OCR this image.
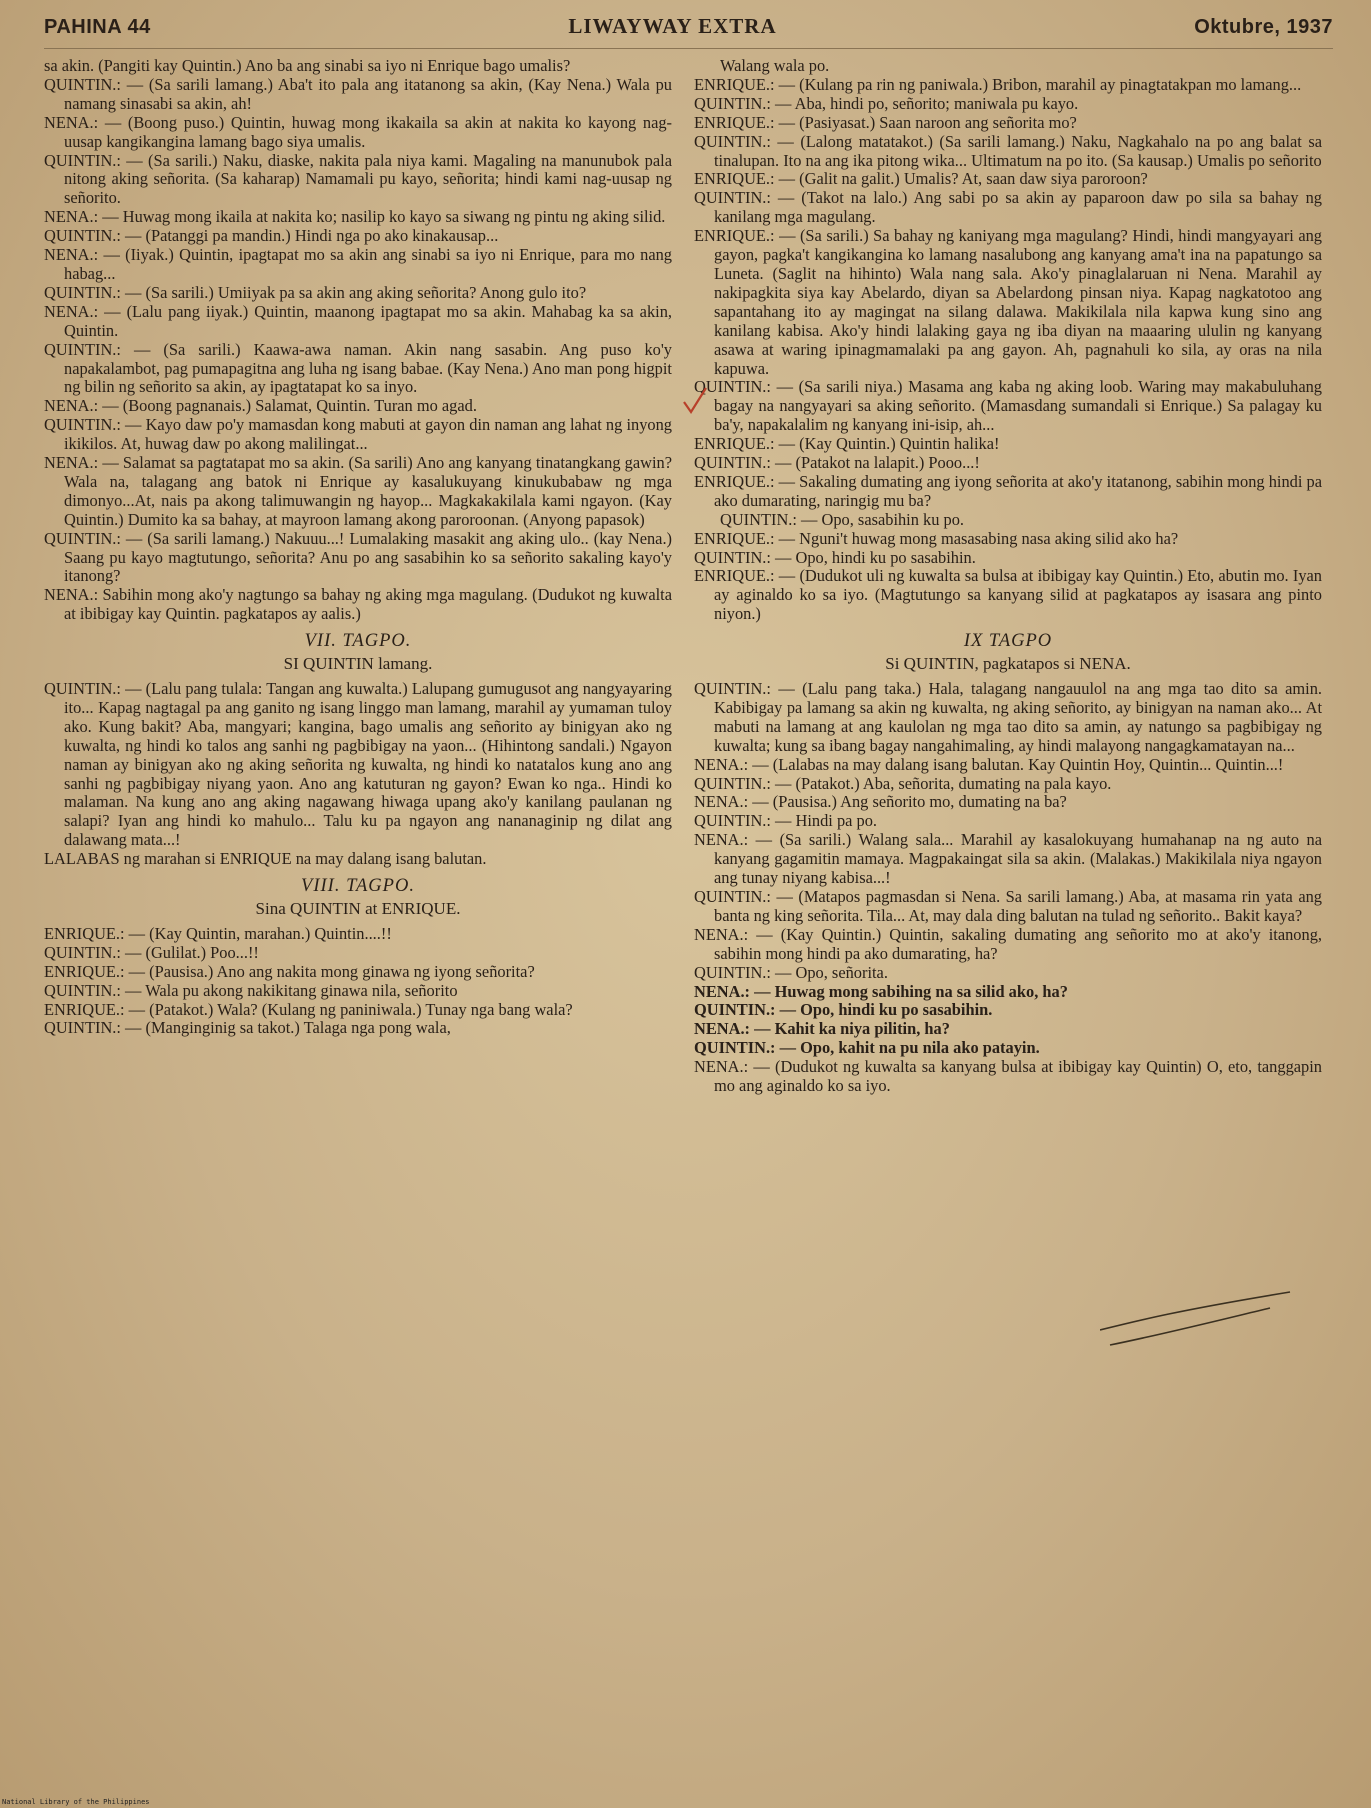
PAHINA 44	LIWAYWAY EXTRA	Oktubre, 1937

sa akin. (Pangiti kay Quintin.) Ano ba ang sinabi sa iyo ni Enrique bago umalis?

QUINTIN.: — (Sa sarili lamang.) Aba't ito pala ang itatanong sa akin, (Kay Nena.) Wala pu namang sinasabi sa akin, ah!

NENA.: — (Boong puso.) Quintin, huwag mong ikakaila sa akin at nakita ko kayong nag-uusap kangikangina lamang bago siya umalis.

QUINTIN.: — (Sa sarili.) Naku, diaske, nakita pala niya kami. Magaling na manunubok pala nitong aking señorita. (Sa kaharap) Namamali pu kayo, señorita; hindi kami nag-uusap ng señorito.

NENA.: — Huwag mong ikaila at nakita ko; nasilip ko kayo sa siwang ng pintu ng aking silid.

QUINTIN.: — (Patanggi pa mandin.) Hindi nga po ako kinakausap...

NENA.: — (Iiyak.) Quintin, ipagtapat mo sa akin ang sinabi sa iyo ni Enrique, para mo nang habag...

QUINTIN.: — (Sa sarili.) Umiiyak pa sa akin ang aking señorita? Anong gulo ito?

NENA.: — (Lalu pang iiyak.) Quintin, maanong ipagtapat mo sa akin. Mahabag ka sa akin, Quintin.

QUINTIN.: — (Sa sarili.) Kaawa-awa naman. Akin nang sasabin. Ang puso ko'y napakalambot, pag pumapagitna ang luha ng isang babae. (Kay Nena.) Ano man pong higpit ng bilin ng señorito sa akin, ay ipagtatapat ko sa inyo.

NENA.: — (Boong pagnanais.) Salamat, Quintin. Turan mo agad.

QUINTIN.: — Kayo daw po'y mamasdan kong mabuti at gayon din naman ang lahat ng inyong ikikilos. At, huwag daw po akong malilingat...

NENA.: — Salamat sa pagtatapat mo sa akin. (Sa sarili) Ano ang kanyang tinatangkang gawin? Wala na, talagang ang batok ni Enrique ay kasalukuyang kinukubabaw ng mga dimonyo...At, nais pa akong talimuwangin ng hayop... Magkakakilala kami ngayon. (Kay Quintin.) Dumito ka sa bahay, at mayroon lamang akong paroroonan. (Anyong papasok)

QUINTIN.: — (Sa sarili lamang.) Nakuuu...! Lumalaking masakit ang aking ulo.. (kay Nena.) Saang pu kayo magtutungo, señorita? Anu po ang sasabihin ko sa señorito sakaling kayo'y itanong?

NENA.: Sabihin mong ako'y nagtungo sa bahay ng aking mga magulang. (Dudukot ng kuwalta at ibibigay kay Quintin. pagkatapos ay aalis.)

VII. TAGPO.

SI QUINTIN lamang.

QUINTIN.: — (Lalu pang tulala: Tangan ang kuwalta.) Lalupang gumugusot ang nangyayaring ito... Kapag nagtagal pa ang ganito ng isang linggo man lamang, marahil ay yumaman tuloy ako. Kung bakit? Aba, mangyari; kangina, bago umalis ang señorito ay binigyan ako ng kuwalta, ng hindi ko talos ang sanhi ng pagbibigay na yaon... (Hihintong sandali.) Ngayon naman ay binigyan ako ng aking señorita ng kuwalta, ng hindi ko natatalos kung ano ang sanhi ng pagbibigay niyang yaon. Ano ang katuturan ng gayon? Ewan ko nga.. Hindi ko malaman. Na kung ano ang aking nagawang hiwaga upang ako'y kanilang paulanan ng salapi? Iyan ang hindi ko mahulo... Talu ku pa ngayon ang nananaginip ng dilat ang dalawang mata...!

LALABAS ng marahan si ENRIQUE na may dalang isang balutan.

VIII. TAGPO.

Sina QUINTIN at ENRIQUE.

ENRIQUE.: — (Kay Quintin, marahan.) Quintin....!!

QUINTIN.: — (Gulilat.) Poo...!!

ENRIQUE.: — (Pausisa.) Ano ang nakita mong ginawa ng iyong señorita?

QUINTIN.: — Wala pu akong nakikitang ginawa nila, señorito

ENRIQUE.: — (Patakot.) Wala? (Kulang ng paniniwala.) Tunay nga bang wala?

QUINTIN.: — (Manginginig sa takot.) Talaga nga pong wala,

Walang wala po.

ENRIQUE.: — (Kulang pa rin ng paniwala.) Bribon, marahil ay pinagtatakpan mo lamang...

QUINTIN.: — Aba, hindi po, señorito; maniwala pu kayo.

ENRIQUE.: — (Pasiyasat.) Saan naroon ang señorita mo?

QUINTIN.: — (Lalong matatakot.) (Sa sarili lamang.) Naku, Nagkahalo na po ang balat sa tinalupan. Ito na ang ika pitong wika... Ultimatum na po ito. (Sa kausap.) Umalis po señorito

ENRIQUE.: — (Galit na galit.) Umalis? At, saan daw siya paroroon?

QUINTIN.: — (Takot na lalo.) Ang sabi po sa akin ay paparoon daw po sila sa bahay ng kanilang mga magulang.

ENRIQUE.: — (Sa sarili.) Sa bahay ng kaniyang mga magulang? Hindi, hindi mangyayari ang gayon, pagka't kangikangina ko lamang nasalubong ang kanyang ama't ina na papatungo sa Luneta. (Saglit na hihinto) Wala nang sala. Ako'y pinaglalaruan ni Nena. Marahil ay nakipagkita siya kay Abelardo, diyan sa Abelardong pinsan niya. Kapag nagkatotoo ang sapantahang ito ay magingat na silang dalawa. Makikilala nila kapwa kung sino ang kanilang kabisa. Ako'y hindi lalaking gaya ng iba diyan na maaaring ululin ng kanyang asawa at waring ipinagmamalaki pa ang gayon. Ah, pagnahuli ko sila, ay oras na nila kapuwa.

QUINTIN.: — (Sa sarili niya.) Masama ang kaba ng aking loob. Waring may makabuluhang bagay na nangyayari sa aking señorito. (Mamasdang sumandali si Enrique.) Sa palagay ku ba'y, napakalalim ng kanyang ini-isip, ah...

ENRIQUE.: — (Kay Quintin.) Quintin halika!

QUINTIN.: — (Patakot na lalapit.) Pooo...!

ENRIQUE.: — Sakaling dumating ang iyong señorita at ako'y itatanong, sabihin mong hindi pa ako dumarating, naringig mu ba?

QUINTIN.: — Opo, sasabihin ku po.

ENRIQUE.: — Nguni't huwag mong masasabing nasa aking silid ako ha?

QUINTIN.: — Opo, hindi ku po sasabihin.

ENRIQUE.: — (Dudukot uli ng kuwalta sa bulsa at ibibigay kay Quintin.) Eto, abutin mo. Iyan ay aginaldo ko sa iyo. (Magtutungo sa kanyang silid at pagkatapos ay isasara ang pinto niyon.)

IX TAGPO

Si QUINTIN, pagkatapos si NENA.

QUINTIN.: — (Lalu pang taka.) Hala, talagang nangauulol na ang mga tao dito sa amin. Kabibigay pa lamang sa akin ng kuwalta, ng aking señorito, ay binigyan na naman ako... At mabuti na lamang at ang kaulolan ng mga tao dito sa amin, ay natungo sa pagbibigay ng kuwalta; kung sa ibang bagay nangahimaling, ay hindi malayong nangagkamatayan na...

NENA.: — (Lalabas na may dalang isang balutan. Kay Quintin Hoy, Quintin... Quintin...!

QUINTIN.: — (Patakot.) Aba, señorita, dumating na pala kayo.

NENA.: — (Pausisa.) Ang señorito mo, dumating na ba?

QUINTIN.: — Hindi pa po.

NENA.: — (Sa sarili.) Walang sala... Marahil ay kasalokuyang humahanap na ng auto na kanyang gagamitin mamaya. Magpakaingat sila sa akin. (Malakas.) Makikilala niya ngayon ang tunay niyang kabisa...!

QUINTIN.: — (Matapos pagmasdan si Nena. Sa sarili lamang.) Aba, at masama rin yata ang banta ng king señorita. Tila... At, may dala ding balutan na tulad ng señorito.. Bakit kaya?

NENA.: — (Kay Quintin.) Quintin, sakaling dumating ang señorito mo at ako'y itanong, sabihin mong hindi pa ako dumarating, ha?

QUINTIN.: — Opo, señorita.

NENA.: — Huwag mong sabihing na sa silid ako, ha?

QUINTIN.: — Opo, hindi ku po sasabihin.

NENA.: — Kahit ka niya pilitin, ha?

QUINTIN.: — Opo, kahit na pu nila ako patayin.

NENA.: — (Dudukot ng kuwalta sa kanyang bulsa at ibibigay kay Quintin) O, eto, tanggapin mo ang aginaldo ko sa iyo.

National Library of the Philippines
